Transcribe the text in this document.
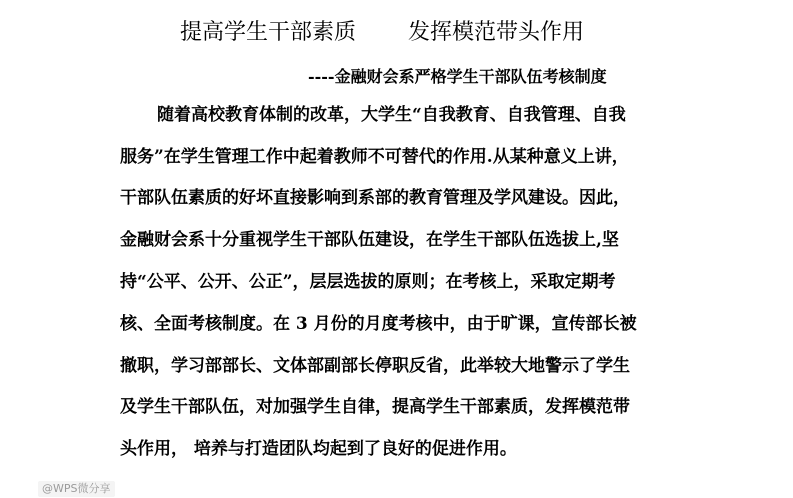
提高学生干部素质 发挥模范带头作用
----金融财会系严格学生干部队伍考核制度
随着高校教育体制的改革，大学生“自我教育、自我管理、自我
服务”在学生管理工作中起着教师不可替代的作用.从某种意义上讲，
干部队伍素质的好坏直接影响到系部的教育管理及学风建设。因此，
金融财会系十分重视学生干部队伍建设，在学生干部队伍选拔上,坚
持“公平、公开、公正”，层层选拔的原则；在考核上，采取定期考
核、全面考核制度。在 3 月份的月度考核中，由于旷课，宣传部长被
撤职，学习部部长、文体部副部长停职反省，此举较大地警示了学生
及学生干部队伍，对加强学生自律，提高学生干部素质，发挥模范带
头作用， 培养与打造团队均起到了良好的促进作用。
@WPS微分享
